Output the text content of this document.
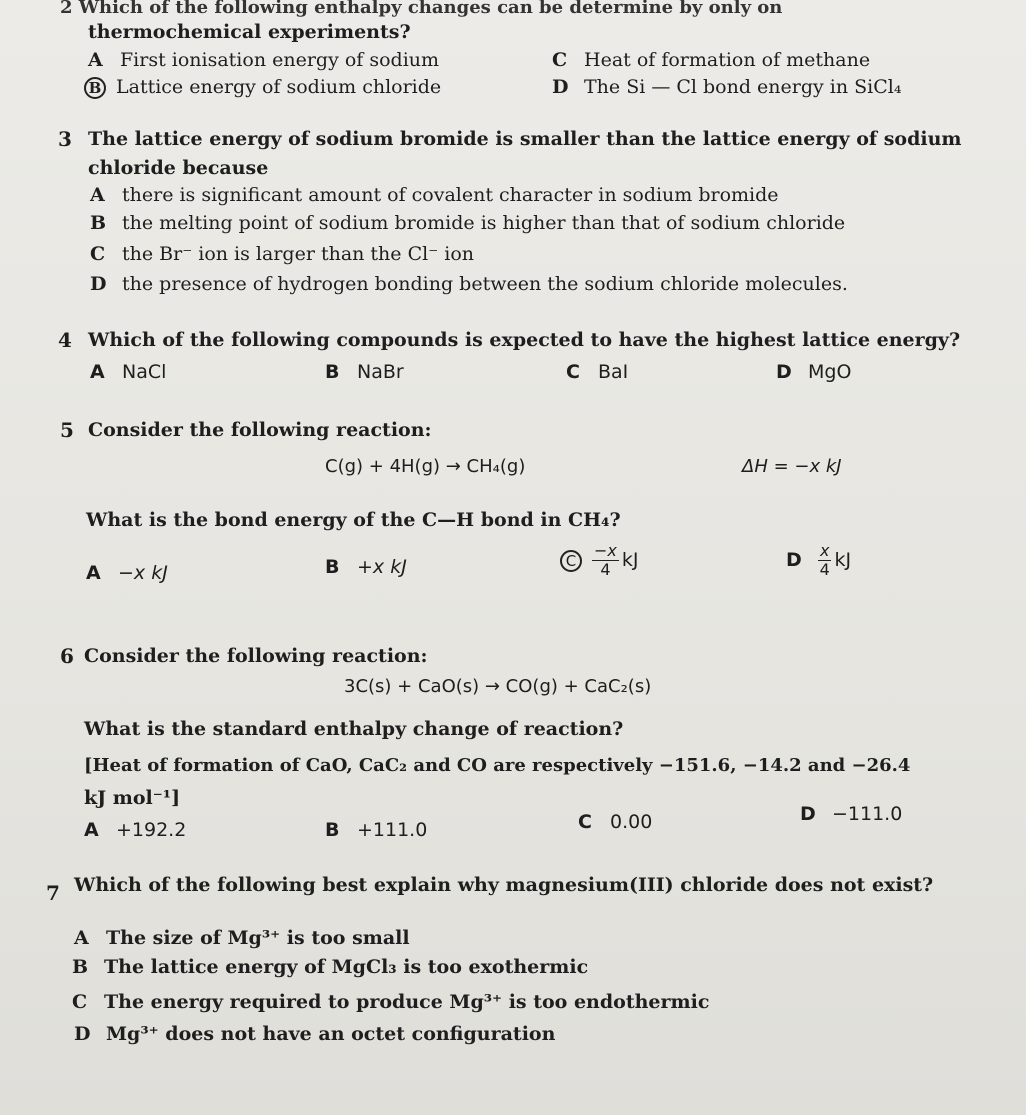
2 Which of the following enthalpy changes can be determine by only on
thermochemical experiments?
A First ionisation energy of sodium	C Heat of formation of methane
B Lattice energy of sodium chloride	D The Si — Cl bond energy in SiCl₄
3 The lattice energy of sodium bromide is smaller than the lattice energy of sodium
chloride because
A there is significant amount of covalent character in sodium bromide
B the melting point of sodium bromide is higher than that of sodium chloride
C the Br⁻ ion is larger than the Cl⁻ ion
D the presence of hydrogen bonding between the sodium chloride molecules.
4 Which of the following compounds is expected to have the highest lattice energy?
A NaCl	B NaBr	C BaI	D MgO
5 Consider the following reaction:
C(g) + 4H(g) → CH₄(g)	ΔH = −x kJ
What is the bond energy of the C—H bond in CH₄?
A −x kJ	B +x kJ	C $\frac{-x}{4}$ kJ	D $\frac{x}{4}$ kJ
6 Consider the following reaction:
3C(s) + CaO(s) → CO(g) + CaC₂(s)
What is the standard enthalpy change of reaction?
[Heat of formation of CaO, CaC₂ and CO are respectively −151.6, −14.2 and −26.4
kJ mol⁻¹]
A +192.2	B +111.0	C 0.00	D −111.0
7 Which of the following best explain why magnesium(III) chloride does not exist?
A The size of Mg³⁺ is too small
B The lattice energy of MgCl₃ is too exothermic
C The energy required to produce Mg³⁺ is too endothermic
D Mg³⁺ does not have an octet configuration
